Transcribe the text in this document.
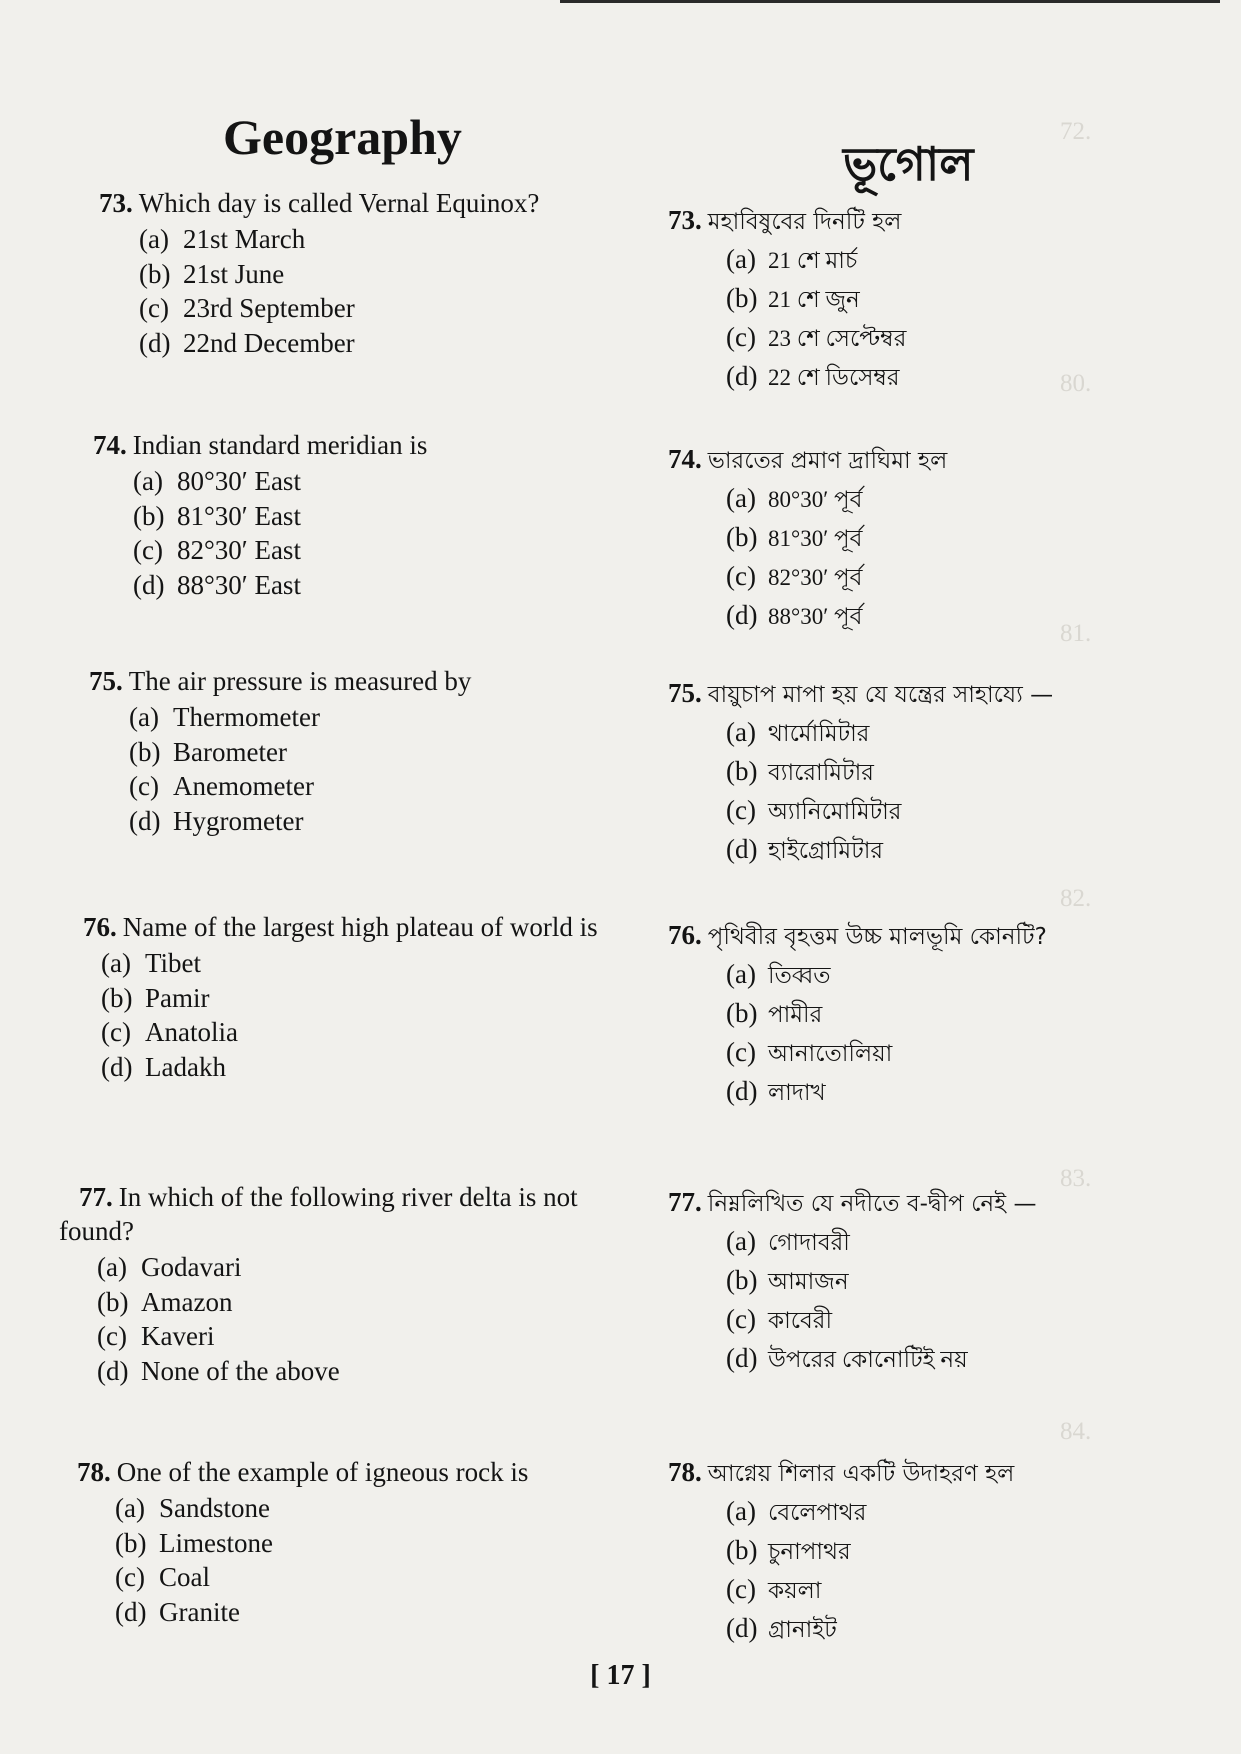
72.
80.
81.
82.
83.
84.
Geography

73. Which day is called Vernal Equinox?

(a) 21st March
(b) 21st June
(c) 23rd September
(d) 22nd December

74. Indian standard meridian is

(a) 80°30′ East
(b) 81°30′ East
(c) 82°30′ East
(d) 88°30′ East

75. The air pressure is measured by

(a) Thermometer
(b) Barometer
(c) Anemometer
(d) Hygrometer

76. Name of the largest high plateau of world is

(a) Tibet
(b) Pamir
(c) Anatolia
(d) Ladakh

77. In which of the following river delta is not found?

(a) Godavari
(b) Amazon
(c) Kaveri
(d) None of the above

78. One of the example of igneous rock is

(a) Sandstone
(b) Limestone
(c) Coal
(d) Granite
ভূগোল

73. মহাবিষুবের দিনটি হল

(a) 21 শে মার্চ
(b) 21 শে জুন
(c) 23 শে সেপ্টেম্বর
(d) 22 শে ডিসেম্বর

74. ভারতের প্রমাণ দ্রাঘিমা হল

(a) 80°30′ পূর্ব
(b) 81°30′ পূর্ব
(c) 82°30′ পূর্ব
(d) 88°30′ পূর্ব

75. বায়ুচাপ মাপা হয় যে যন্ত্রের সাহায্যে —

(a) থার্মোমিটার
(b) ব্যারোমিটার
(c) অ্যানিমোমিটার
(d) হাইগ্রোমিটার

76. পৃথিবীর বৃহত্তম উচ্চ মালভূমি কোনটি?

(a) তিব্বত
(b) পামীর
(c) আনাতোলিয়া
(d) লাদাখ

77. নিম্নলিখিত যে নদীতে ব-দ্বীপ নেই —

(a) গোদাবরী
(b) আমাজন
(c) কাবেরী
(d) উপরের কোনোটিই নয়

78. আগ্নেয় শিলার একটি উদাহরণ হল

(a) বেলেপাথর
(b) চুনাপাথর
(c) কয়লা
(d) গ্রানাইট
[ 17 ]
